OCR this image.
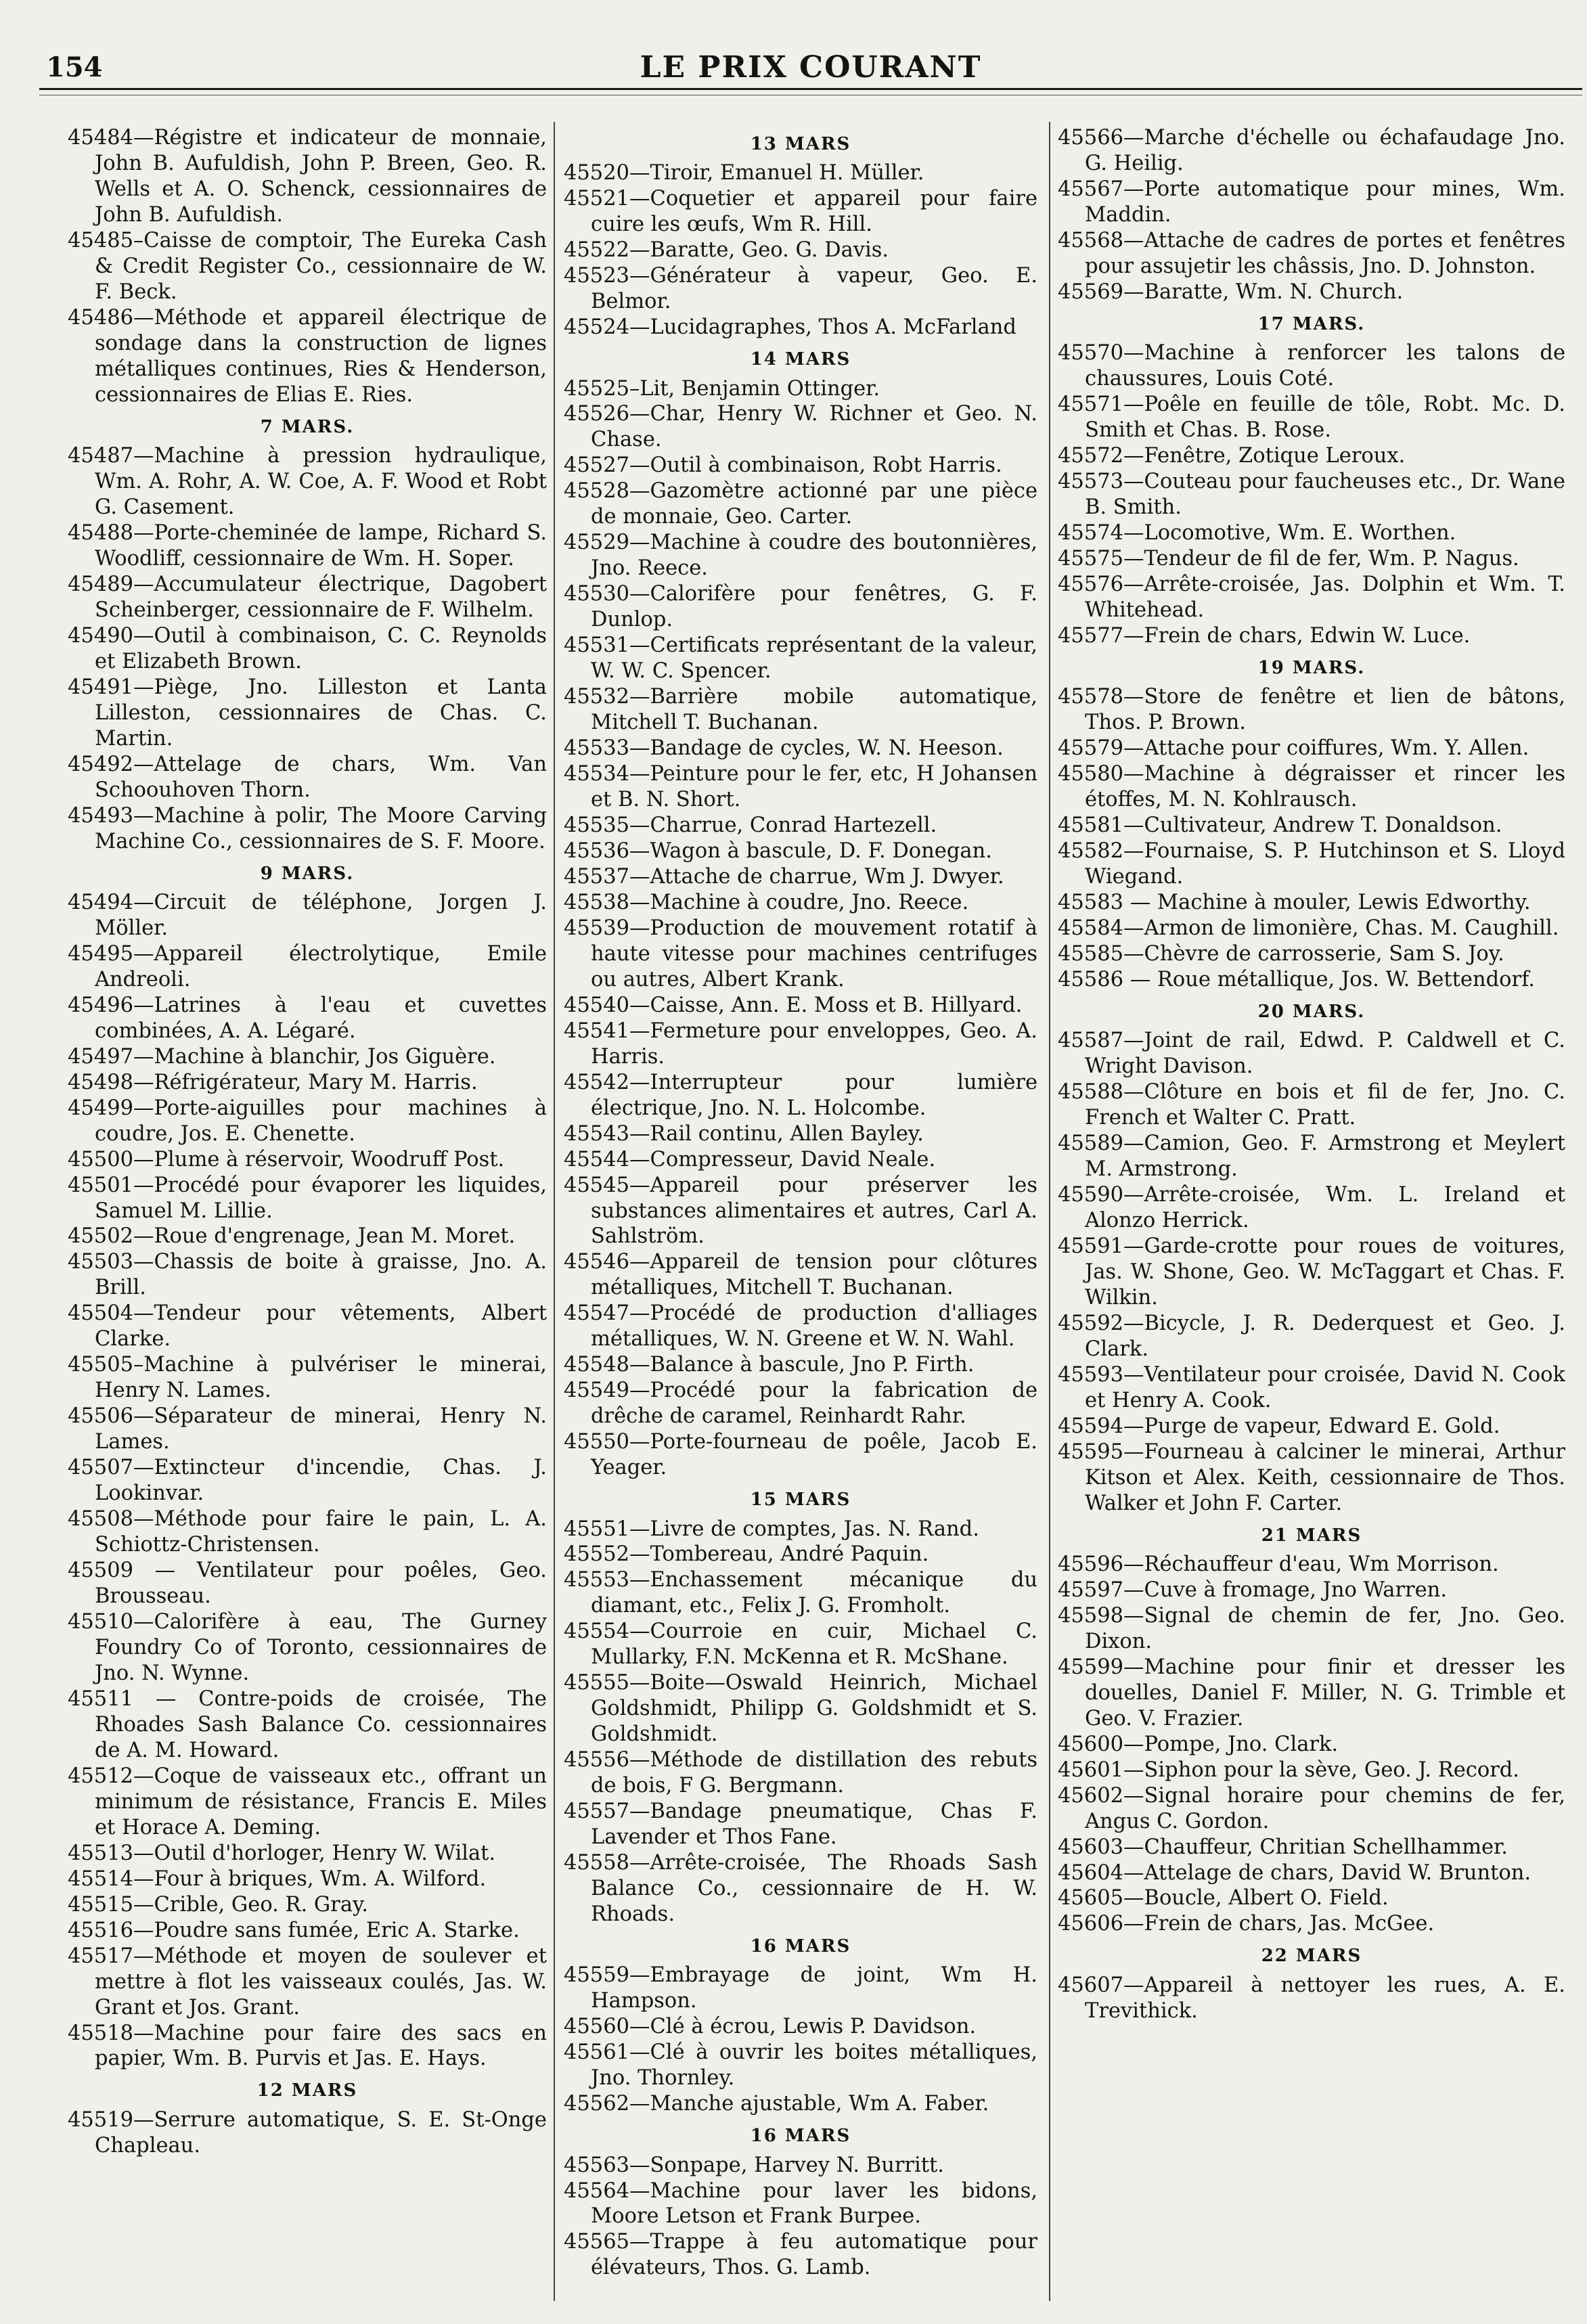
154	LE PRIX COURANT

45484—Régistre et indicateur de monnaie, John B. Aufuldish, John P. Breen, Geo. R. Wells et A. O. Schenck, cessionnaires de John B. Aufuldish.

45485–Caisse de comptoir, The Eureka Cash & Credit Register Co., cessionnaire de W. F. Beck.

45486—Méthode et appareil électrique de sondage dans la construction de lignes métalliques continues, Ries & Henderson, cessionnaires de Elias E. Ries.

7 MARS.

45487—Machine à pression hydraulique, Wm. A. Rohr, A. W. Coe, A. F. Wood et Robt G. Casement.

45488—Porte-cheminée de lampe, Richard S. Woodliff, cessionnaire de Wm. H. Soper.

45489—Accumulateur électrique, Dagobert Scheinberger, cessionnaire de F. Wilhelm.

45490—Outil à combinaison, C. C. Reynolds et Elizabeth Brown.

45491—Piège, Jno. Lilleston et Lanta Lilleston, cessionnaires de Chas. C. Martin.

45492—Attelage de chars, Wm. Van Schoouhoven Thorn.

45493—Machine à polir, The Moore Carving Machine Co., cessionnaires de S. F. Moore.

9 MARS.

45494—Circuit de téléphone, Jorgen J. Möller.

45495—Appareil électrolytique, Emile Andreoli.

45496—Latrines à l'eau et cuvettes combinées, A. A. Légaré.

45497—Machine à blanchir, Jos Giguère.

45498—Réfrigérateur, Mary M. Harris.

45499—Porte-aiguilles pour machines à coudre, Jos. E. Chenette.

45500—Plume à réservoir, Woodruff Post.

45501—Procédé pour évaporer les liquides, Samuel M. Lillie.

45502—Roue d'engrenage, Jean M. Moret.

45503—Chassis de boite à graisse, Jno. A. Brill.

45504—Tendeur pour vêtements, Albert Clarke.

45505–Machine à pulvériser le minerai, Henry N. Lames.

45506—Séparateur de minerai, Henry N. Lames.

45507—Extincteur d'incendie, Chas. J. Lookinvar.

45508—Méthode pour faire le pain, L. A. Schiottz-Christensen.

45509 — Ventilateur pour poêles, Geo. Brousseau.

45510—Calorifère à eau, The Gurney Foundry Co of Toronto, cessionnaires de Jno. N. Wynne.

45511 — Contre-poids de croisée, The Rhoades Sash Balance Co. cessionnaires de A. M. Howard.

45512—Coque de vaisseaux etc., offrant un minimum de résistance, Francis E. Miles et Horace A. Deming.

45513—Outil d'horloger, Henry W. Wilat.

45514—Four à briques, Wm. A. Wilford.

45515—Crible, Geo. R. Gray.

45516—Poudre sans fumée, Eric A. Starke.

45517—Méthode et moyen de soulever et mettre à flot les vaisseaux coulés, Jas. W. Grant et Jos. Grant.

45518—Machine pour faire des sacs en papier, Wm. B. Purvis et Jas. E. Hays.

12 MARS

45519—Serrure automatique, S. E. St-Onge Chapleau.

13 MARS

45520—Tiroir, Emanuel H. Müller.

45521—Coquetier et appareil pour faire cuire les œufs, Wm R. Hill.

45522—Baratte, Geo. G. Davis.

45523—Générateur à vapeur, Geo. E. Belmor.

45524—Lucidagraphes, Thos A. McFarland

14 MARS

45525–Lit, Benjamin Ottinger.

45526—Char, Henry W. Richner et Geo. N. Chase.

45527—Outil à combinaison, Robt Harris.

45528—Gazomètre actionné par une pièce de monnaie, Geo. Carter.

45529—Machine à coudre des boutonnières, Jno. Reece.

45530—Calorifère pour fenêtres, G. F. Dunlop.

45531—Certificats représentant de la valeur, W. W. C. Spencer.

45532—Barrière mobile automatique, Mitchell T. Buchanan.

45533—Bandage de cycles, W. N. Heeson.

45534—Peinture pour le fer, etc, H Johansen et B. N. Short.

45535—Charrue, Conrad Hartezell.

45536—Wagon à bascule, D. F. Donegan.

45537—Attache de charrue, Wm J. Dwyer.

45538—Machine à coudre, Jno. Reece.

45539—Production de mouvement rotatif à haute vitesse pour machines centrifuges ou autres, Albert Krank.

45540—Caisse, Ann. E. Moss et B. Hillyard.

45541—Fermeture pour enveloppes, Geo. A. Harris.

45542—Interrupteur pour lumière électrique, Jno. N. L. Holcombe.

45543—Rail continu, Allen Bayley.

45544—Compresseur, David Neale.

45545—Appareil pour préserver les substances alimentaires et autres, Carl A. Sahlström.

45546—Appareil de tension pour clôtures métalliques, Mitchell T. Buchanan.

45547—Procédé de production d'alliages métalliques, W. N. Greene et W. N. Wahl.

45548—Balance à bascule, Jno P. Firth.

45549—Procédé pour la fabrication de drêche de caramel, Reinhardt Rahr.

45550—Porte-fourneau de poêle, Jacob E. Yeager.

15 MARS

45551—Livre de comptes, Jas. N. Rand.

45552—Tombereau, André Paquin.

45553—Enchassement mécanique du diamant, etc., Felix J. G. Fromholt.

45554—Courroie en cuir, Michael C. Mullarky, F.N. McKenna et R. McShane.

45555—Boite—Oswald Heinrich, Michael Goldshmidt, Philipp G. Goldshmidt et S. Goldshmidt.

45556—Méthode de distillation des rebuts de bois, F G. Bergmann.

45557—Bandage pneumatique, Chas F. Lavender et Thos Fane.

45558—Arrête-croisée, The Rhoads Sash Balance Co., cessionnaire de H. W. Rhoads.

16 MARS

45559—Embrayage de joint, Wm H. Hampson.

45560—Clé à écrou, Lewis P. Davidson.

45561—Clé à ouvrir les boites métalliques, Jno. Thornley.

45562—Manche ajustable, Wm A. Faber.

16 MARS

45563—Sonpape, Harvey N. Burritt.

45564—Machine pour laver les bidons, Moore Letson et Frank Burpee.

45565—Trappe à feu automatique pour élévateurs, Thos. G. Lamb.

45566—Marche d'échelle ou échafaudage Jno. G. Heilig.

45567—Porte automatique pour mines, Wm. Maddin.

45568—Attache de cadres de portes et fenêtres pour assujetir les châssis, Jno. D. Johnston.

45569—Baratte, Wm. N. Church.

17 MARS.

45570—Machine à renforcer les talons de chaussures, Louis Coté.

45571—Poêle en feuille de tôle, Robt. Mc. D. Smith et Chas. B. Rose.

45572—Fenêtre, Zotique Leroux.

45573—Couteau pour faucheuses etc., Dr. Wane B. Smith.

45574—Locomotive, Wm. E. Worthen.

45575—Tendeur de fil de fer, Wm. P. Nagus.

45576—Arrête-croisée, Jas. Dolphin et Wm. T. Whitehead.

45577—Frein de chars, Edwin W. Luce.

19 MARS.

45578—Store de fenêtre et lien de bâtons, Thos. P. Brown.

45579—Attache pour coiffures, Wm. Y. Allen.

45580—Machine à dégraisser et rincer les étoffes, M. N. Kohlrausch.

45581—Cultivateur, Andrew T. Donaldson.

45582—Fournaise, S. P. Hutchinson et S. Lloyd Wiegand.

45583 — Machine à mouler, Lewis Edworthy.

45584—Armon de limonière, Chas. M. Caughill.

45585—Chèvre de carrosserie, Sam S. Joy.

45586 — Roue métallique, Jos. W. Bettendorf.

20 MARS.

45587—Joint de rail, Edwd. P. Caldwell et C. Wright Davison.

45588—Clôture en bois et fil de fer, Jno. C. French et Walter C. Pratt.

45589—Camion, Geo. F. Armstrong et Meylert M. Armstrong.

45590—Arrête-croisée, Wm. L. Ireland et Alonzo Herrick.

45591—Garde-crotte pour roues de voitures, Jas. W. Shone, Geo. W. McTaggart et Chas. F. Wilkin.

45592—Bicycle, J. R. Dederquest et Geo. J. Clark.

45593—Ventilateur pour croisée, David N. Cook et Henry A. Cook.

45594—Purge de vapeur, Edward E. Gold.

45595—Fourneau à calciner le minerai, Arthur Kitson et Alex. Keith, cessionnaire de Thos. Walker et John F. Carter.

21 MARS

45596—Réchauffeur d'eau, Wm Morrison.

45597—Cuve à fromage, Jno Warren.

45598—Signal de chemin de fer, Jno. Geo. Dixon.

45599—Machine pour finir et dresser les douelles, Daniel F. Miller, N. G. Trimble et Geo. V. Frazier.

45600—Pompe, Jno. Clark.

45601—Siphon pour la sève, Geo. J. Record.

45602—Signal horaire pour chemins de fer, Angus C. Gordon.

45603—Chauffeur, Chritian Schellhammer.

45604—Attelage de chars, David W. Brunton.

45605—Boucle, Albert O. Field.

45606—Frein de chars, Jas. McGee.

22 MARS

45607—Appareil à nettoyer les rues, A. E. Trevithick.
